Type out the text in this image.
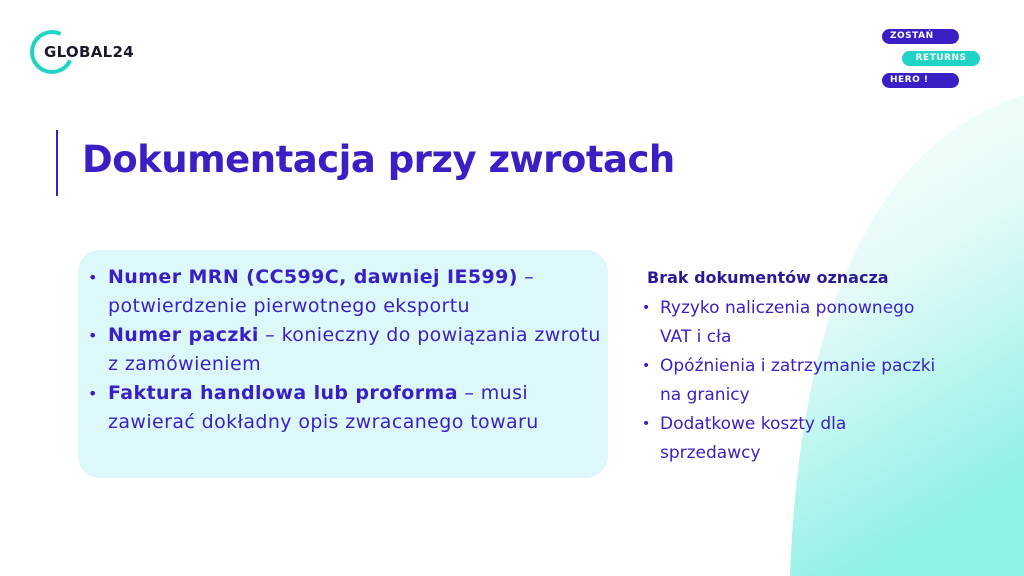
GLOBAL24
ZOSTAŃ
RETURNS
HERO !
Dokumentacja przy zwrotach
• Numer MRN (CC599C, dawniej IE599) – potwierdzenie pierwotnego eksportu
• Numer paczki – konieczny do powiązania zwrotu z zamówieniem
• Faktura handlowa lub proforma – musi zawierać dokładny opis zwracanego towaru
Brak dokumentów oznacza
• Ryzyko naliczenia ponownego VAT i cła
• Opóźnienia i zatrzymanie paczki na granicy
• Dodatkowe koszty dla sprzedawcy
